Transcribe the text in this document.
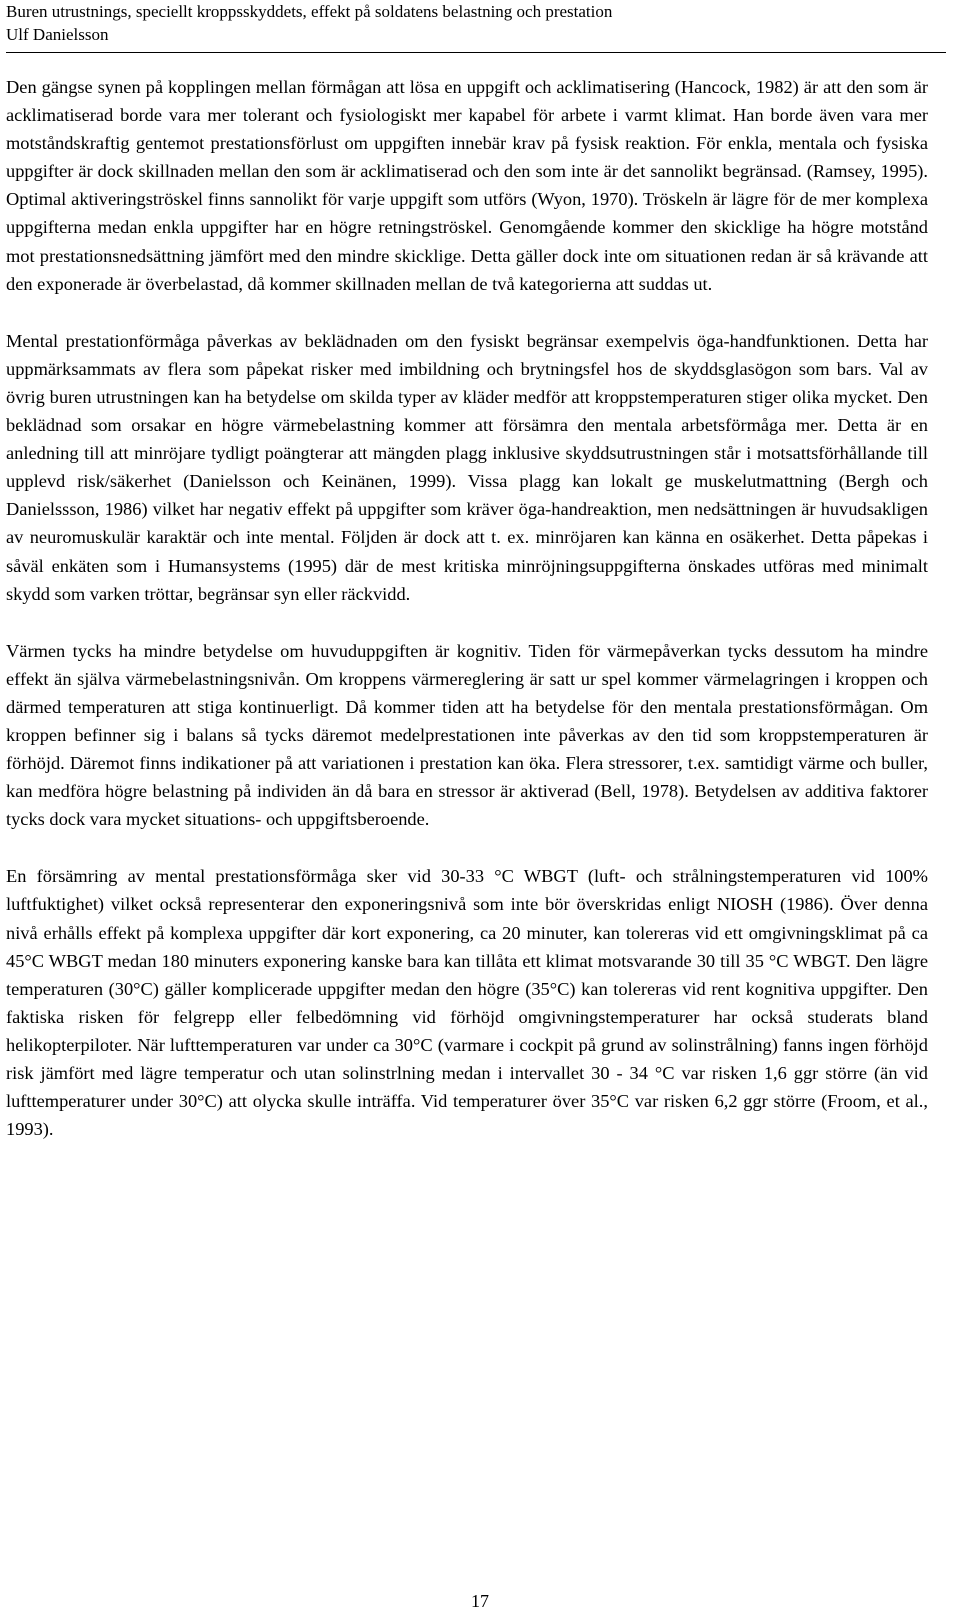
Buren utrustnings, speciellt kroppsskyddets, effekt på soldatens belastning och prestation
Ulf Danielsson

Den gängse synen på kopplingen mellan förmågan att lösa en uppgift och acklimatisering (Hancock, 1982) är att den som är acklimatiserad borde vara mer tolerant och fysiologiskt mer kapabel för arbete i varmt klimat. Han borde även vara mer motståndskraftig gentemot prestationsförlust om uppgiften innebär krav på fysisk reaktion. För enkla, mentala och fysiska uppgifter är dock skillnaden mellan den som är acklimatiserad och den som inte är det sannolikt begränsad. (Ramsey, 1995). Optimal aktiveringströskel finns sannolikt för varje uppgift som utförs (Wyon, 1970). Tröskeln är lägre för de mer komplexa uppgifterna medan enkla uppgifter har en högre retningströskel. Genomgående kommer den skicklige ha högre motstånd mot prestationsnedsättning jämfört med den mindre skicklige. Detta gäller dock inte om situationen redan är så krävande att den exponerade är överbelastad, då kommer skillnaden mellan de två kategorierna att suddas ut.

Mental prestationförmåga påverkas av beklädnaden om den fysiskt begränsar exempelvis öga-handfunktionen. Detta har uppmärksammats av flera som påpekat risker med imbildning och brytningsfel hos de skyddsglasögon som bars. Val av övrig buren utrustningen kan ha betydelse om skilda typer av kläder medför att kroppstemperaturen stiger olika mycket. Den beklädnad som orsakar en högre värmebelastning kommer att försämra den mentala arbetsförmåga mer. Detta är en anledning till att minröjare tydligt poängterar att mängden plagg inklusive skyddsutrustningen står i motsattsförhållande till upplevd risk/säkerhet (Danielsson och Keinänen, 1999). Vissa plagg kan lokalt ge muskelutmattning (Bergh och Danielssson, 1986) vilket har negativ effekt på uppgifter som kräver öga-handreaktion, men nedsättningen är huvudsakligen av neuromuskulär karaktär och inte mental. Följden är dock att t. ex. minröjaren kan känna en osäkerhet. Detta påpekas i såväl enkäten som i Humansystems (1995) där de mest kritiska minröjningsuppgifterna önskades utföras med minimalt skydd som varken tröttar, begränsar syn eller räckvidd.

Värmen tycks ha mindre betydelse om huvuduppgiften är kognitiv. Tiden för värmepåverkan tycks dessutom ha mindre effekt än själva värmebelastningsnivån. Om kroppens värmereglering är satt ur spel kommer värmelagringen i kroppen och därmed temperaturen att stiga kontinuerligt. Då kommer tiden att ha betydelse för den mentala prestationsförmågan. Om kroppen befinner sig i balans så tycks däremot medelprestationen inte påverkas av den tid som kroppstemperaturen är förhöjd. Däremot finns indikationer på att variationen i prestation kan öka. Flera stressorer, t.ex. samtidigt värme och buller, kan medföra högre belastning på individen än då bara en stressor är aktiverad (Bell, 1978). Betydelsen av additiva faktorer tycks dock vara mycket situations- och uppgiftsberoende.

En försämring av mental prestationsförmåga sker vid 30-33 °C WBGT (luft- och strålningstemperaturen vid 100% luftfuktighet) vilket också representerar den exponeringsnivå som inte bör överskridas enligt NIOSH (1986). Över denna nivå erhålls effekt på komplexa uppgifter där kort exponering, ca 20 minuter, kan tolereras vid ett omgivningsklimat på ca 45°C WBGT medan 180 minuters exponering kanske bara kan tillåta ett klimat motsvarande 30 till 35 °C WBGT. Den lägre temperaturen (30°C) gäller komplicerade uppgifter medan den högre (35°C) kan tolereras vid rent kognitiva uppgifter. Den faktiska risken för felgrepp eller felbedömning vid förhöjd omgivningstemperaturer har också studerats bland helikopterpiloter. När lufttemperaturen var under ca 30°C (varmare i cockpit på grund av solinstrålning) fanns ingen förhöjd risk jämfört med lägre temperatur och utan solinstrlning medan i intervallet 30 - 34 °C var risken 1,6 ggr större (än vid lufttemperaturer under 30°C) att olycka skulle inträffa. Vid temperaturer över 35°C var risken 6,2 ggr större (Froom, et al., 1993).

17
